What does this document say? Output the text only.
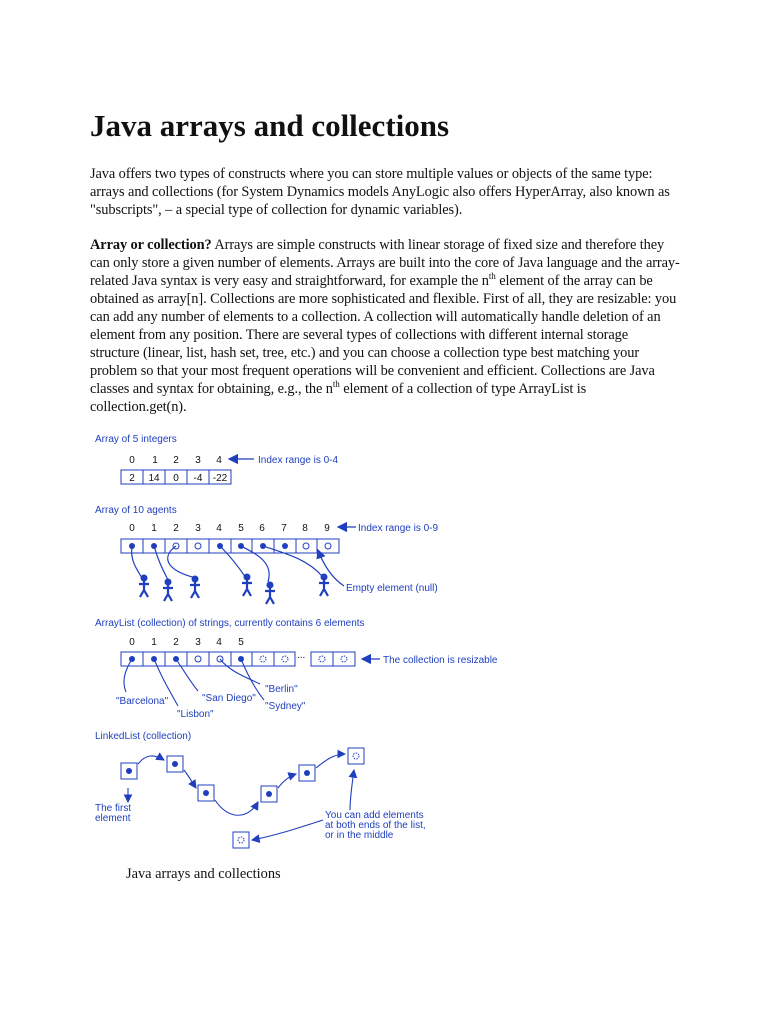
Java arrays and collections

Java offers two types of constructs where you can store multiple values or objects of the same type: arrays and collections (for System Dynamics models AnyLogic also offers HyperArray, also known as "subscripts", – a special type of collection for dynamic variables).

Array or collection? Arrays are simple constructs with linear storage of fixed size and therefore they can only store a given number of elements. Arrays are built into the core of Java language and the array-related Java syntax is very easy and straightforward, for example the $n^{th}$ element of the array can be obtained as array[n]. Collections are more sophisticated and flexible. First of all, they are resizable: you can add any number of elements to a collection. A collection will automatically handle deletion of an element from any position. There are several types of collections with different internal storage structure (linear, list, hash set, tree, etc.) and you can choose a collection type best matching your problem so that your most frequent operations will be convenient and efficient. Collections are Java classes and syntax for obtaining, e.g., the $n^{th}$ element of a collection of type ArrayList is collection.get(n).

Array of 5 integers
0 1 2 3 4	Index range is 0-4
2 14 0 -4 -22
Array of 10 agents
0 1 2 3 4 5 6 7 8 9	Index range is 0-9
Empty element (null)
ArrayList (collection) of strings, currently contains 6 elements
0 1 2 3 4 5
...	The collection is resizable
"Barcelona"
"Lisbon"
"San Diego"
"Berlin"
"Sydney"
LinkedList (collection)
The first
element	You can add elements
at both ends of the list,
or in the middle
Java arrays and collections
